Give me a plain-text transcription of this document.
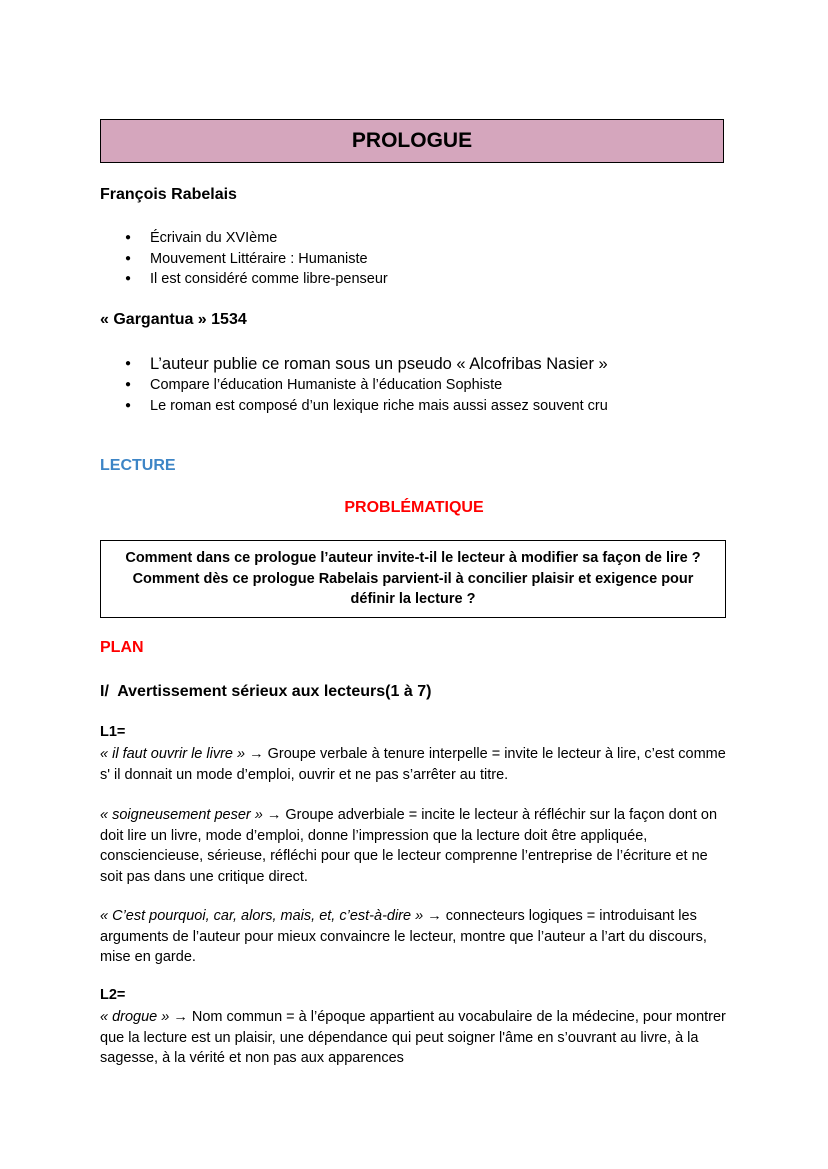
PROLOGUE
François Rabelais
● Écrivain du XVIème
● Mouvement Littéraire : Humaniste
● Il est considéré comme libre-penseur
« Gargantua » 1534
● L’auteur publie ce roman sous un pseudo « Alcofribas Nasier »
● Compare l’éducation Humaniste à l’éducation Sophiste
● Le roman est composé d’un lexique riche mais aussi assez souvent cru
LECTURE
PROBLÉMATIQUE
Comment dans ce prologue l’auteur invite-t-il le lecteur à modifier sa façon de lire ?
Comment dès ce prologue Rabelais parvient-il à concilier plaisir et exigence pour définir la lecture ?
PLAN
I/  Avertissement sérieux aux lecteurs(1 à 7)
L1=
« il faut ouvrir le livre » → Groupe verbale à tenure interpelle = invite le lecteur à lire, c’est comme s' il donnait un mode d’emploi, ouvrir et ne pas s’arrêter au titre.
« soigneusement peser » → Groupe adverbiale = incite le lecteur à réfléchir sur la façon dont on doit lire un livre, mode d’emploi, donne l’impression que la lecture doit être appliquée, consciencieuse, sérieuse, réfléchi pour que le lecteur comprenne l’entreprise de l’écriture et ne soit pas dans une critique direct.
« C’est pourquoi, car, alors, mais, et, c’est-à-dire » → connecteurs logiques = introduisant les arguments de l’auteur pour mieux convaincre le lecteur, montre que l’auteur a l’art du discours, mise en garde.
L2=
« drogue » → Nom commun = à l’époque appartient au vocabulaire de la médecine, pour montrer que la lecture est un plaisir, une dépendance qui peut soigner l'âme en s’ouvrant au livre, à la sagesse, à la vérité et non pas aux apparences
